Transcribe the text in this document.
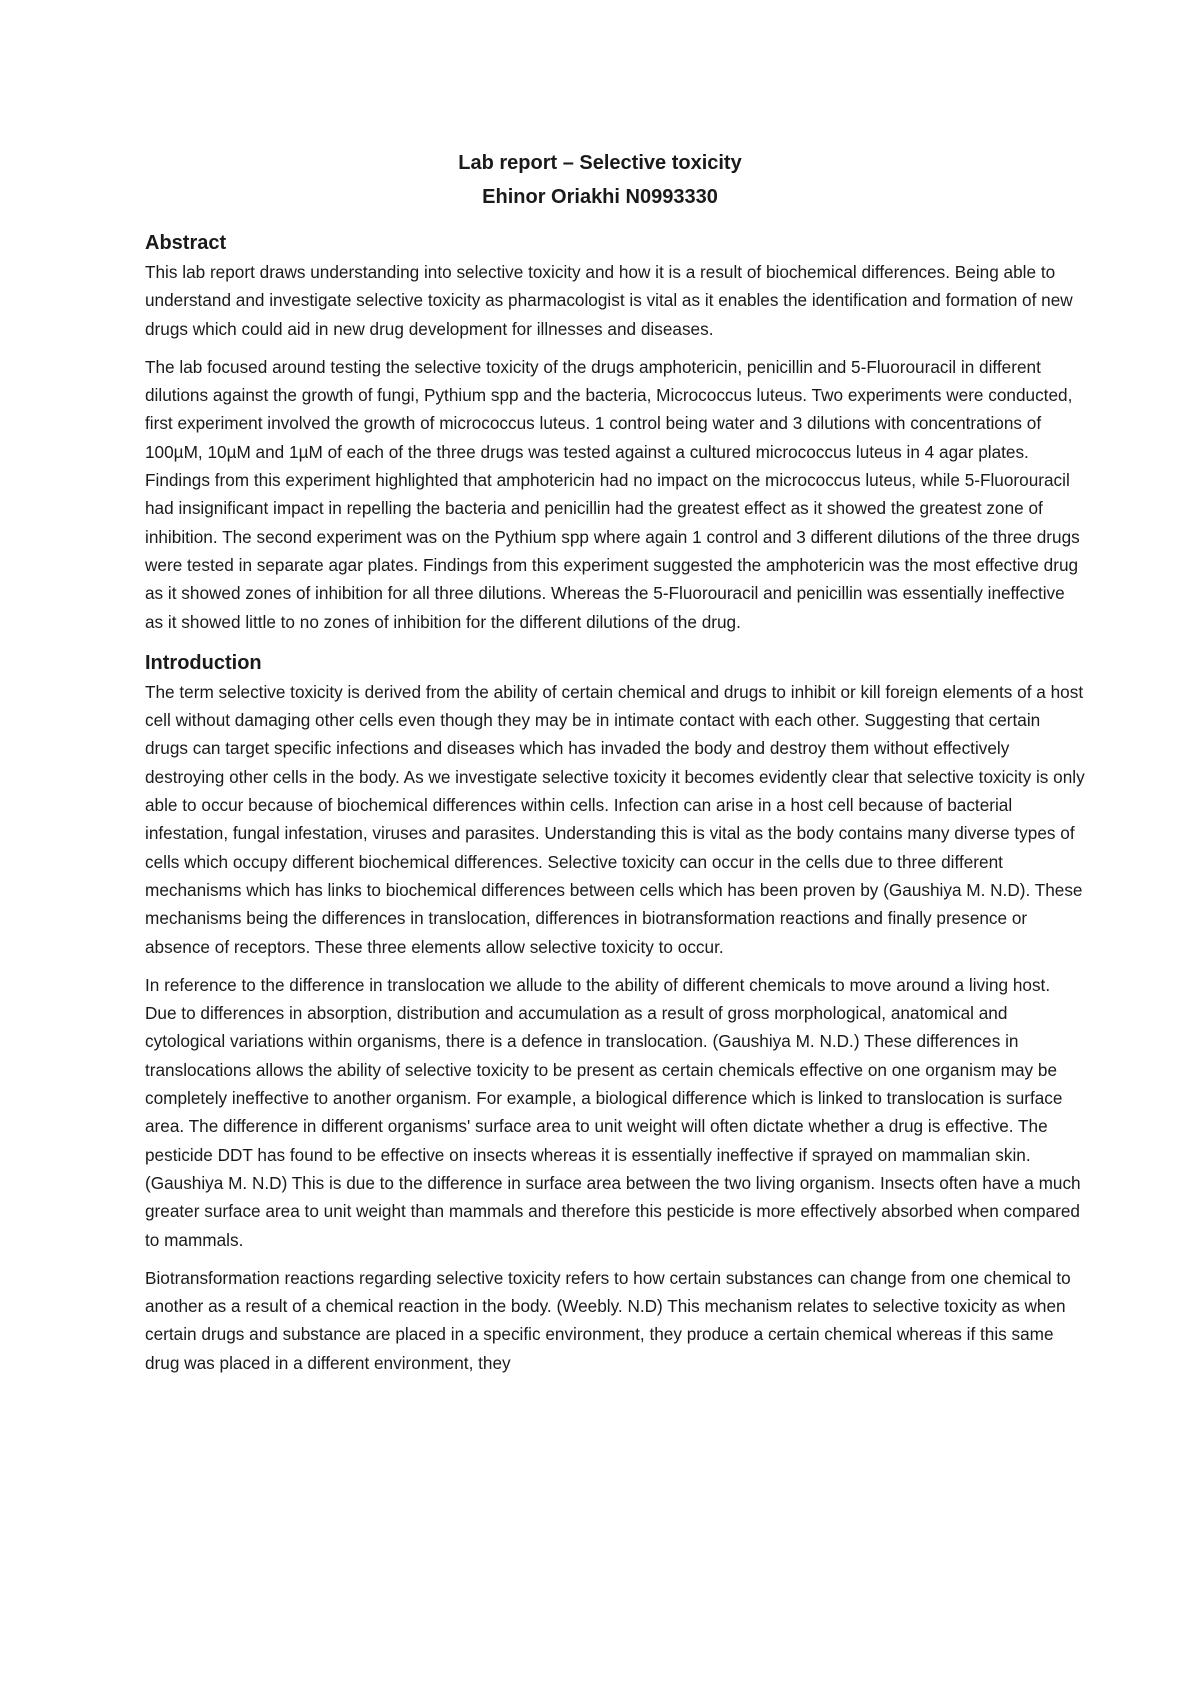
Lab report – Selective toxicity

Ehinor Oriakhi N0993330

Abstract

This lab report draws understanding into selective toxicity and how it is a result of biochemical differences. Being able to understand and investigate selective toxicity as pharmacologist is vital as it enables the identification and formation of new drugs which could aid in new drug development for illnesses and diseases.

The lab focused around testing the selective toxicity of the drugs amphotericin, penicillin and 5-Fluorouracil in different dilutions against the growth of fungi, Pythium spp and the bacteria, Micrococcus luteus. Two experiments were conducted, first experiment involved the growth of micrococcus luteus. 1 control being water and 3 dilutions with concentrations of 100µM, 10µM and 1µM of each of the three drugs was tested against a cultured micrococcus luteus in 4 agar plates. Findings from this experiment highlighted that amphotericin had no impact on the micrococcus luteus, while 5-Fluorouracil had insignificant impact in repelling the bacteria and penicillin had the greatest effect as it showed the greatest zone of inhibition. The second experiment was on the Pythium spp where again 1 control and 3 different dilutions of the three drugs were tested in separate agar plates. Findings from this experiment suggested the amphotericin was the most effective drug as it showed zones of inhibition for all three dilutions. Whereas the 5-Fluorouracil and penicillin was essentially ineffective as it showed little to no zones of inhibition for the different dilutions of the drug.

Introduction

The term selective toxicity is derived from the ability of certain chemical and drugs to inhibit or kill foreign elements of a host cell without damaging other cells even though they may be in intimate contact with each other. Suggesting that certain drugs can target specific infections and diseases which has invaded the body and destroy them without effectively destroying other cells in the body. As we investigate selective toxicity it becomes evidently clear that selective toxicity is only able to occur because of biochemical differences within cells. Infection can arise in a host cell because of bacterial infestation, fungal infestation, viruses and parasites. Understanding this is vital as the body contains many diverse types of cells which occupy different biochemical differences. Selective toxicity can occur in the cells due to three different mechanisms which has links to biochemical differences between cells which has been proven by (Gaushiya M. N.D). These mechanisms being the differences in translocation, differences in biotransformation reactions and finally presence or absence of receptors. These three elements allow selective toxicity to occur.

In reference to the difference in translocation we allude to the ability of different chemicals to move around a living host. Due to differences in absorption, distribution and accumulation as a result of gross morphological, anatomical and cytological variations within organisms, there is a defence in translocation. (Gaushiya M. N.D.) These differences in translocations allows the ability of selective toxicity to be present as certain chemicals effective on one organism may be completely ineffective to another organism. For example, a biological difference which is linked to translocation is surface area. The difference in different organisms' surface area to unit weight will often dictate whether a drug is effective. The pesticide DDT has found to be effective on insects whereas it is essentially ineffective if sprayed on mammalian skin. (Gaushiya M. N.D) This is due to the difference in surface area between the two living organism. Insects often have a much greater surface area to unit weight than mammals and therefore this pesticide is more effectively absorbed when compared to mammals.

Biotransformation reactions regarding selective toxicity refers to how certain substances can change from one chemical to another as a result of a chemical reaction in the body. (Weebly. N.D) This mechanism relates to selective toxicity as when certain drugs and substance are placed in a specific environment, they produce a certain chemical whereas if this same drug was placed in a different environment, they
